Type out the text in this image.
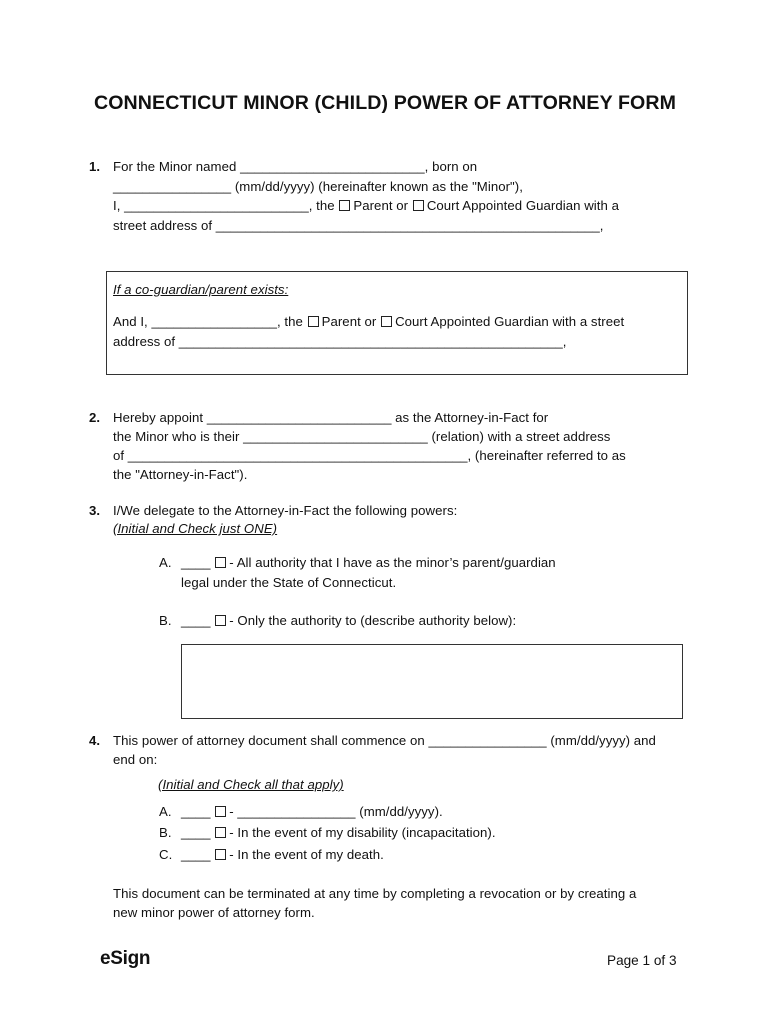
CONNECTICUT MINOR (CHILD) POWER OF ATTORNEY FORM
1. For the Minor named _________________________, born on
________________ (mm/dd/yyyy) (hereinafter known as the "Minor"),
I, _________________________, the Parent or Court Appointed Guardian with a
street address of ____________________________________________________,
If a co-guardian/parent exists:
And I, _________________, the Parent or Court Appointed Guardian with a street
address of ____________________________________________________,
2. Hereby appoint _________________________ as the Attorney-in-Fact for
the Minor who is their _________________________ (relation) with a street address
of ______________________________________________, (hereinafter referred to as
the "Attorney-in-Fact").
3. I/We delegate to the Attorney-in-Fact the following powers:
(Initial and Check just ONE)
A. ____ - All authority that I have as the minor’s parent/guardian
legal under the State of Connecticut.
B. ____ - Only the authority to (describe authority below):
4. This power of attorney document shall commence on ________________ (mm/dd/yyyy) and
end on:
(Initial and Check all that apply)
A. ____ - ________________ (mm/dd/yyyy).
B. ____ - In the event of my disability (incapacitation).
C. ____ - In the event of my death.
This document can be terminated at any time by completing a revocation or by creating a
new minor power of attorney form.
eSign	Page 1 of 3
